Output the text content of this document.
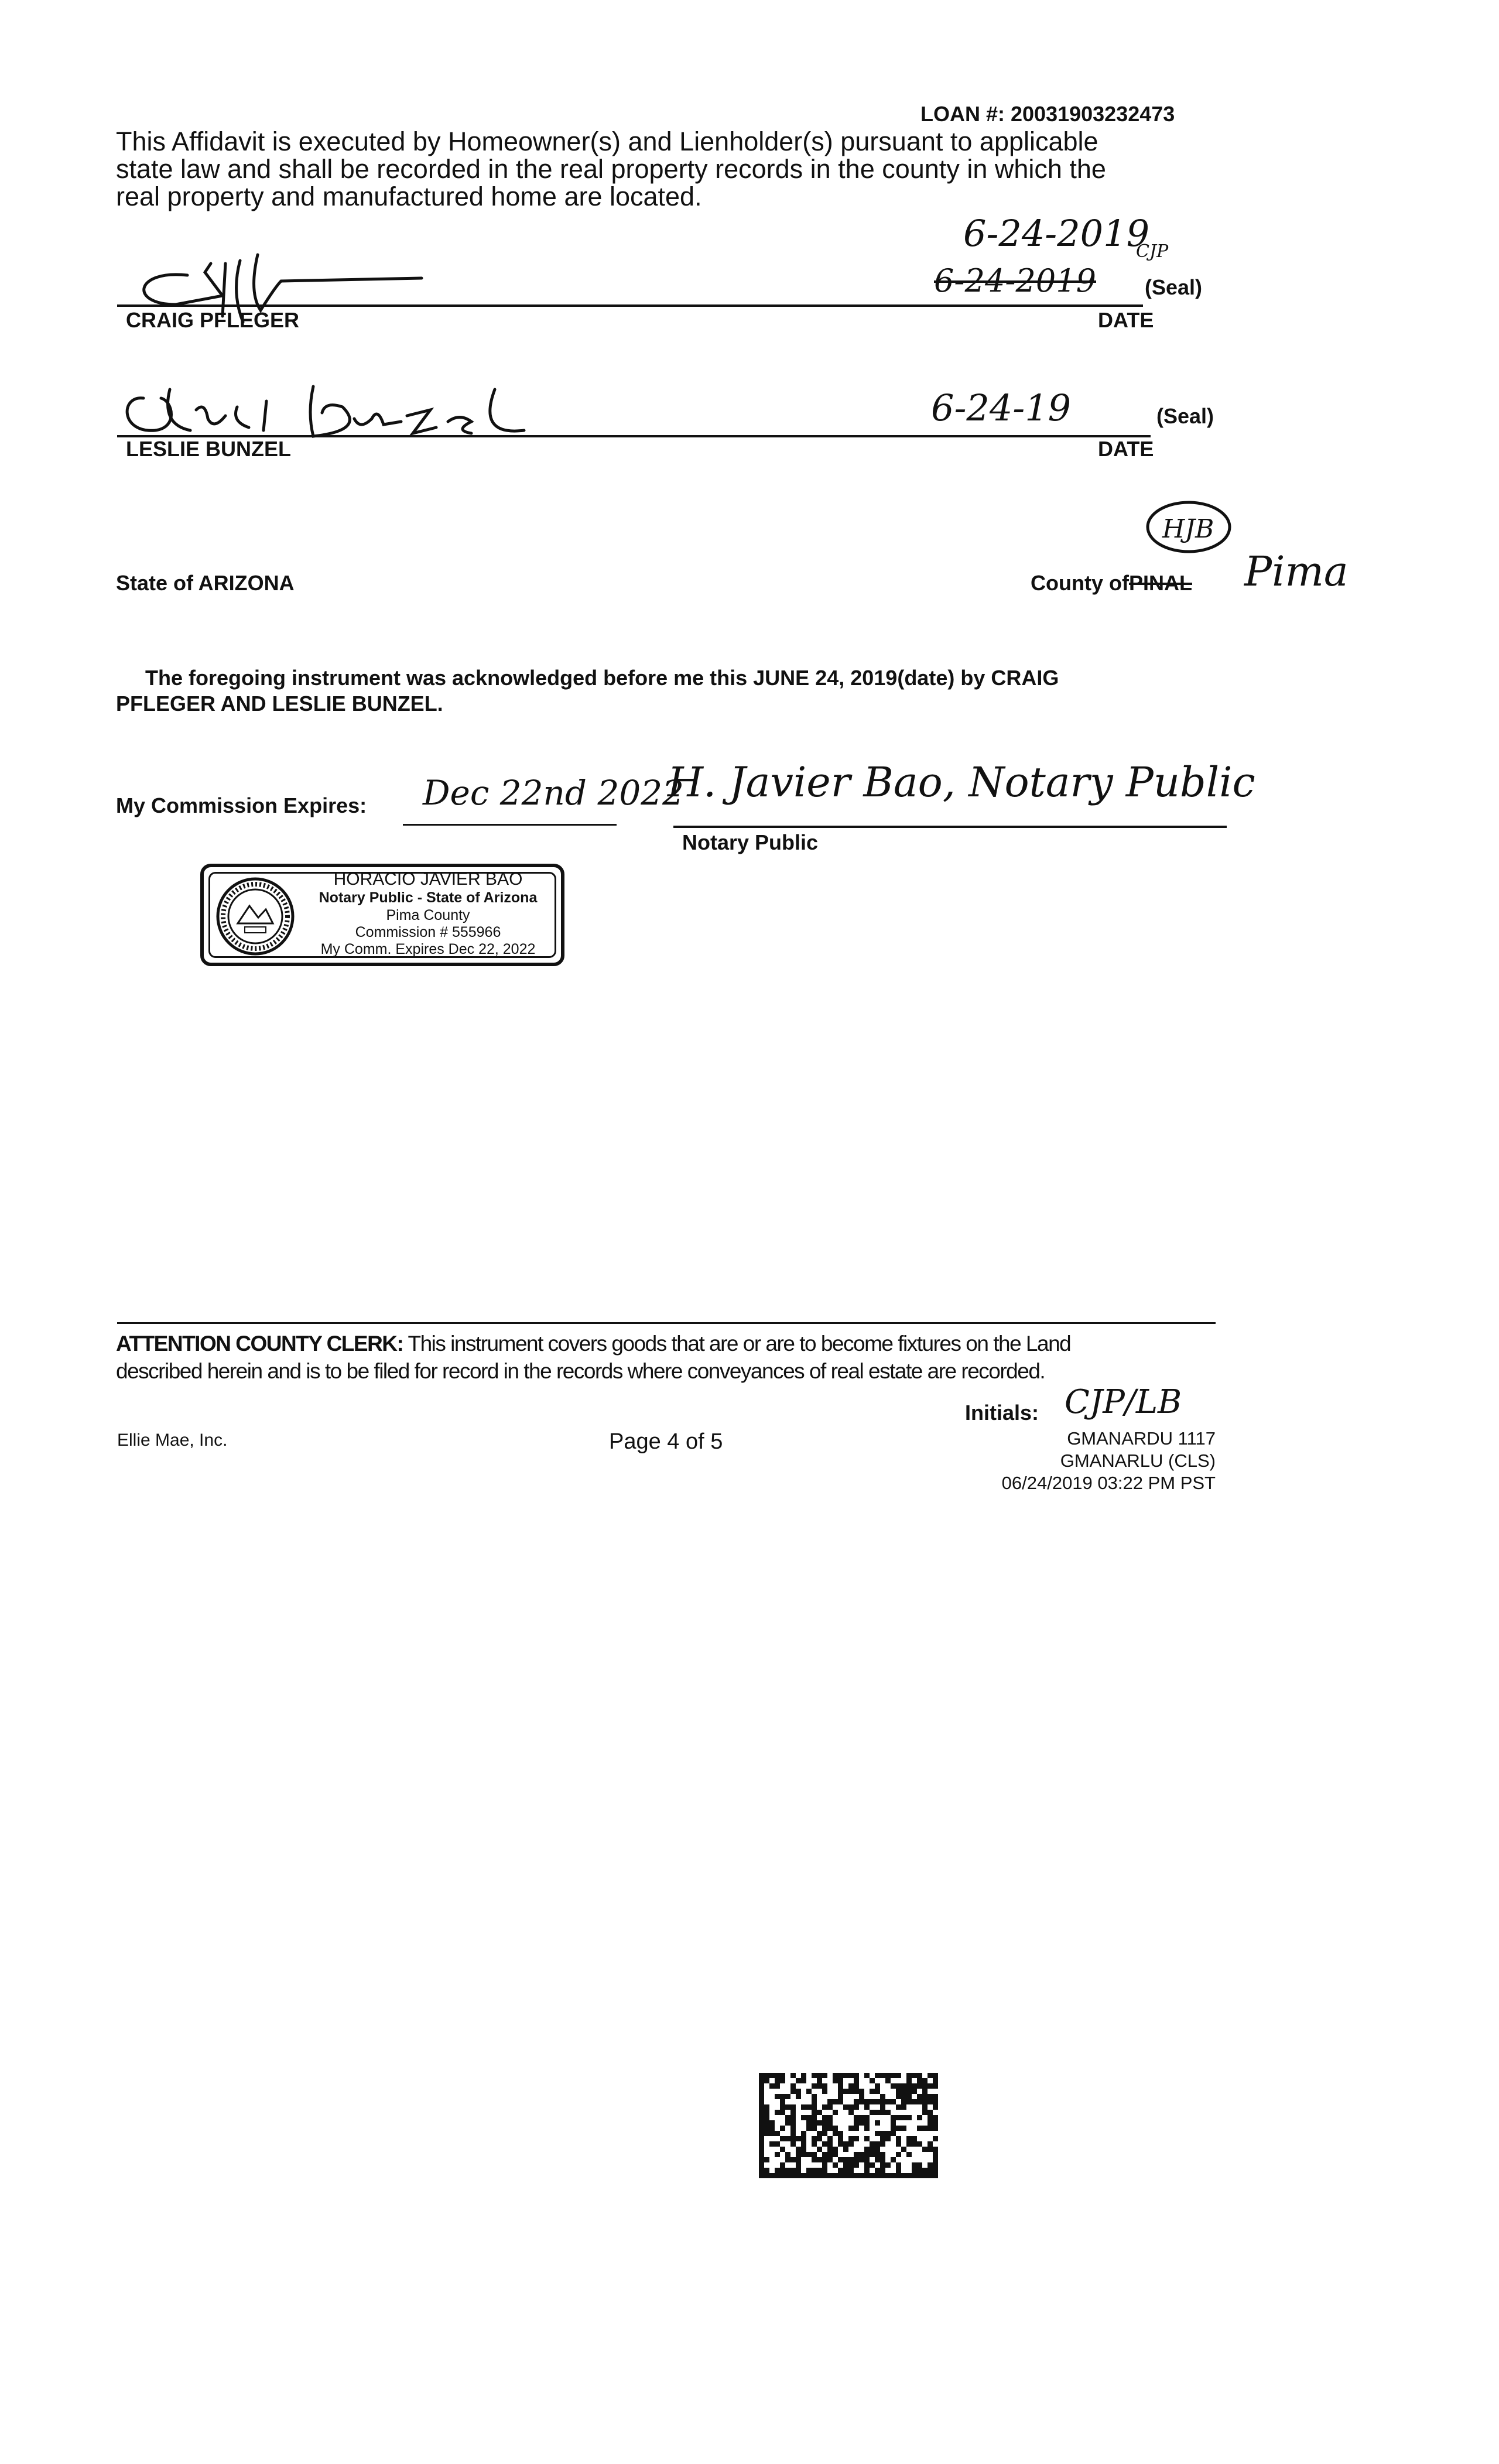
LOAN #: 20031903232473
This Affidavit is executed by Homeowner(s) and Lienholder(s) pursuant to applicable
state law and shall be recorded in the real property records in the county in which the
real property and manufactured home are located.
6-24-2019
CJP
6-24-2019 (Seal)
CRAIG PFLEGER	DATE
6-24-19	(Seal)
LESLIE BUNZEL	DATE
State of ARIZONA
HJB
County ofPINAL Pima
The foregoing instrument was acknowledged before me this JUNE 24, 2019(date) by CRAIG
PFLEGER AND LESLIE BUNZEL.
My Commission Expires: Dec 22nd 2022
H. Javier Bao, Notary Public
Notary Public
HORACIO JAVIER BAO
Notary Public - State of Arizona
Pima County
Commission # 555966
My Comm. Expires Dec 22, 2022
ATTENTION COUNTY CLERK: This instrument covers goods that are or are to become fixtures on the Land
described herein and is to be filed for record in the records where conveyances of real estate are recorded.
Initials: CJP/LB
Ellie Mae, Inc.	Page 4 of 5	GMANARDU 1117
GMANARLU (CLS)
06/24/2019 03:22 PM PST
